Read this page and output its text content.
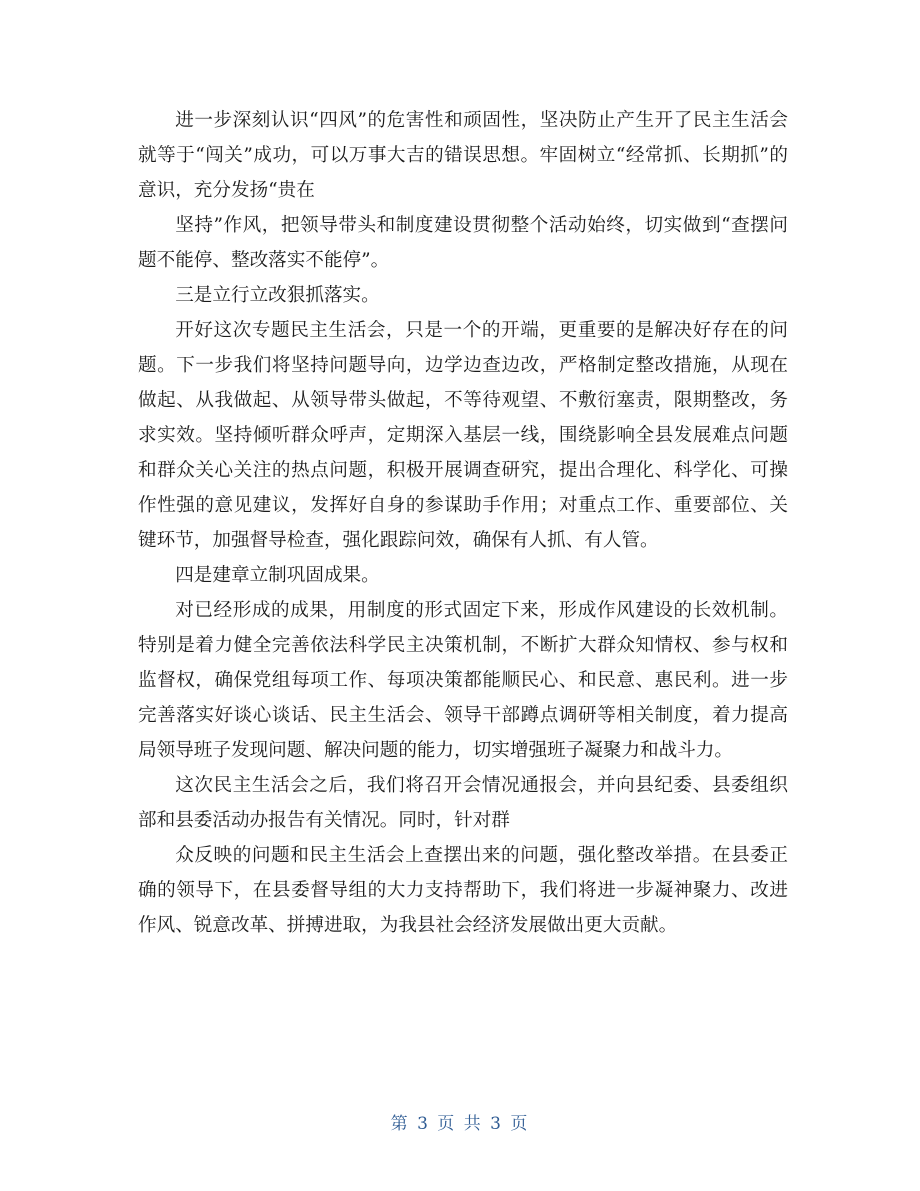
进一步深刻认识“四风”的危害性和顽固性，坚决防止产生开了民主生活会就等于“闯关”成功，可以万事大吉的错误思想。牢固树立“经常抓、长期抓”的意识，充分发扬“贵在

坚持”作风，把领导带头和制度建设贯彻整个活动始终，切实做到“查摆问题不能停、整改落实不能停”。

三是立行立改狠抓落实。

开好这次专题民主生活会，只是一个的开端，更重要的是解决好存在的问题。下一步我们将坚持问题导向，边学边查边改，严格制定整改措施，从现在做起、从我做起、从领导带头做起，不等待观望、不敷衍塞责，限期整改，务求实效。坚持倾听群众呼声，定期深入基层一线，围绕影响全县发展难点问题和群众关心关注的热点问题，积极开展调查研究，提出合理化、科学化、可操作性强的意见建议，发挥好自身的参谋助手作用；对重点工作、重要部位、关键环节，加强督导检查，强化跟踪问效，确保有人抓、有人管。

四是建章立制巩固成果。

对已经形成的成果，用制度的形式固定下来，形成作风建设的长效机制。特别是着力健全完善依法科学民主决策机制，不断扩大群众知情权、参与权和监督权，确保党组每项工作、每项决策都能顺民心、和民意、惠民利。进一步完善落实好谈心谈话、民主生活会、领导干部蹲点调研等相关制度，着力提高局领导班子发现问题、解决问题的能力，切实增强班子凝聚力和战斗力。

这次民主生活会之后，我们将召开会情况通报会，并向县纪委、县委组织部和县委活动办报告有关情况。同时，针对群

众反映的问题和民主生活会上查摆出来的问题，强化整改举措。在县委正确的领导下，在县委督导组的大力支持帮助下，我们将进一步凝神聚力、改进作风、锐意改革、拼搏进取，为我县社会经济发展做出更大贡献。

第 3 页 共 3 页
